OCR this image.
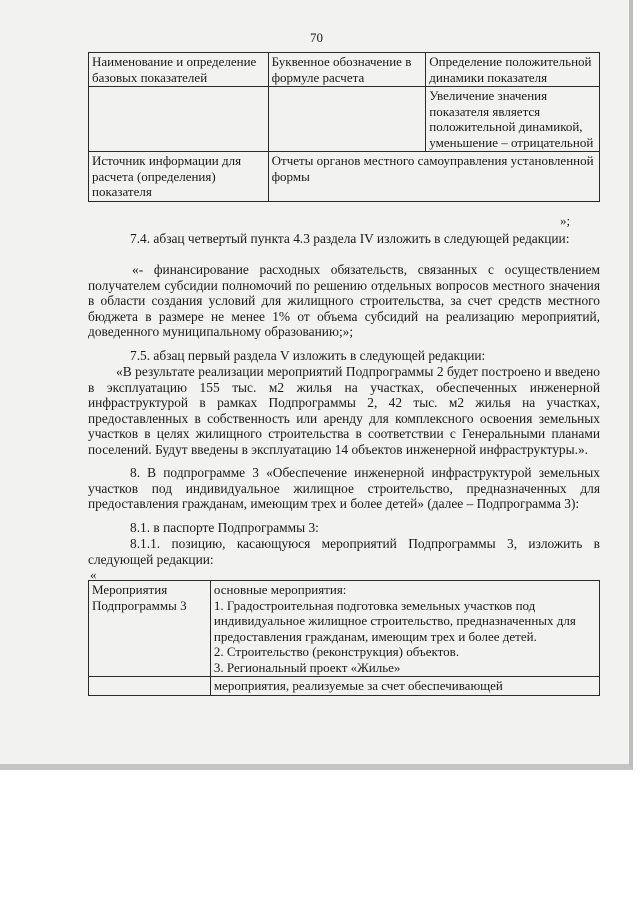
70
Наименование и определение базовых показателей	Буквенное обозначение в формуле расчета	Определение положительной динамики показателя
		Увеличение значения показателя является положительной динамикой, уменьшение – отрицательной
Источник информации для расчета (определения) показателя	Отчеты органов местного самоуправления установленной формы	
»;
7.4. абзац четвертый пункта 4.3 раздела IV изложить в следующей редакции:
«- финансирование расходных обязательств, связанных с осуществлением получателем субсидии полномочий по решению отдельных вопросов местного значения в области создания условий для жилищного строительства, за счет средств местного бюджета в размере не менее 1% от объема субсидий на реализацию мероприятий, доведенного муниципальному образованию;»;
7.5. абзац первый раздела V изложить в следующей редакции:
«В результате реализации мероприятий Подпрограммы 2 будет построено и введено в эксплуатацию 155 тыс. м2 жилья на участках, обеспеченных инженерной инфраструктурой в рамках Подпрограммы 2, 42 тыс. м2 жилья на участках, предоставленных в собственность или аренду для комплексного освоения земельных участков в целях жилищного строительства в соответствии с Генеральными планами поселений. Будут введены в эксплуатацию 14 объектов инженерной инфраструктуры.».
8. В подпрограмме 3 «Обеспечение инженерной инфраструктурой земельных участков под индивидуальное жилищное строительство, предназначенных для предоставления гражданам, имеющим трех и более детей» (далее – Подпрограмма 3):
8.1. в паспорте Подпрограммы 3:
8.1.1. позицию, касающуюся мероприятий Подпрограммы 3, изложить в следующей редакции:
«
Мероприятия Подпрограммы 3	основные мероприятия:
1. Градостроительная подготовка земельных участков под индивидуальное жилищное строительство, предназначенных для предоставления гражданам, имеющим трех и более детей.
2. Строительство (реконструкция) объектов.
3. Региональный проект «Жилье»

	мероприятия, реализуемые за счет обеспечивающей
